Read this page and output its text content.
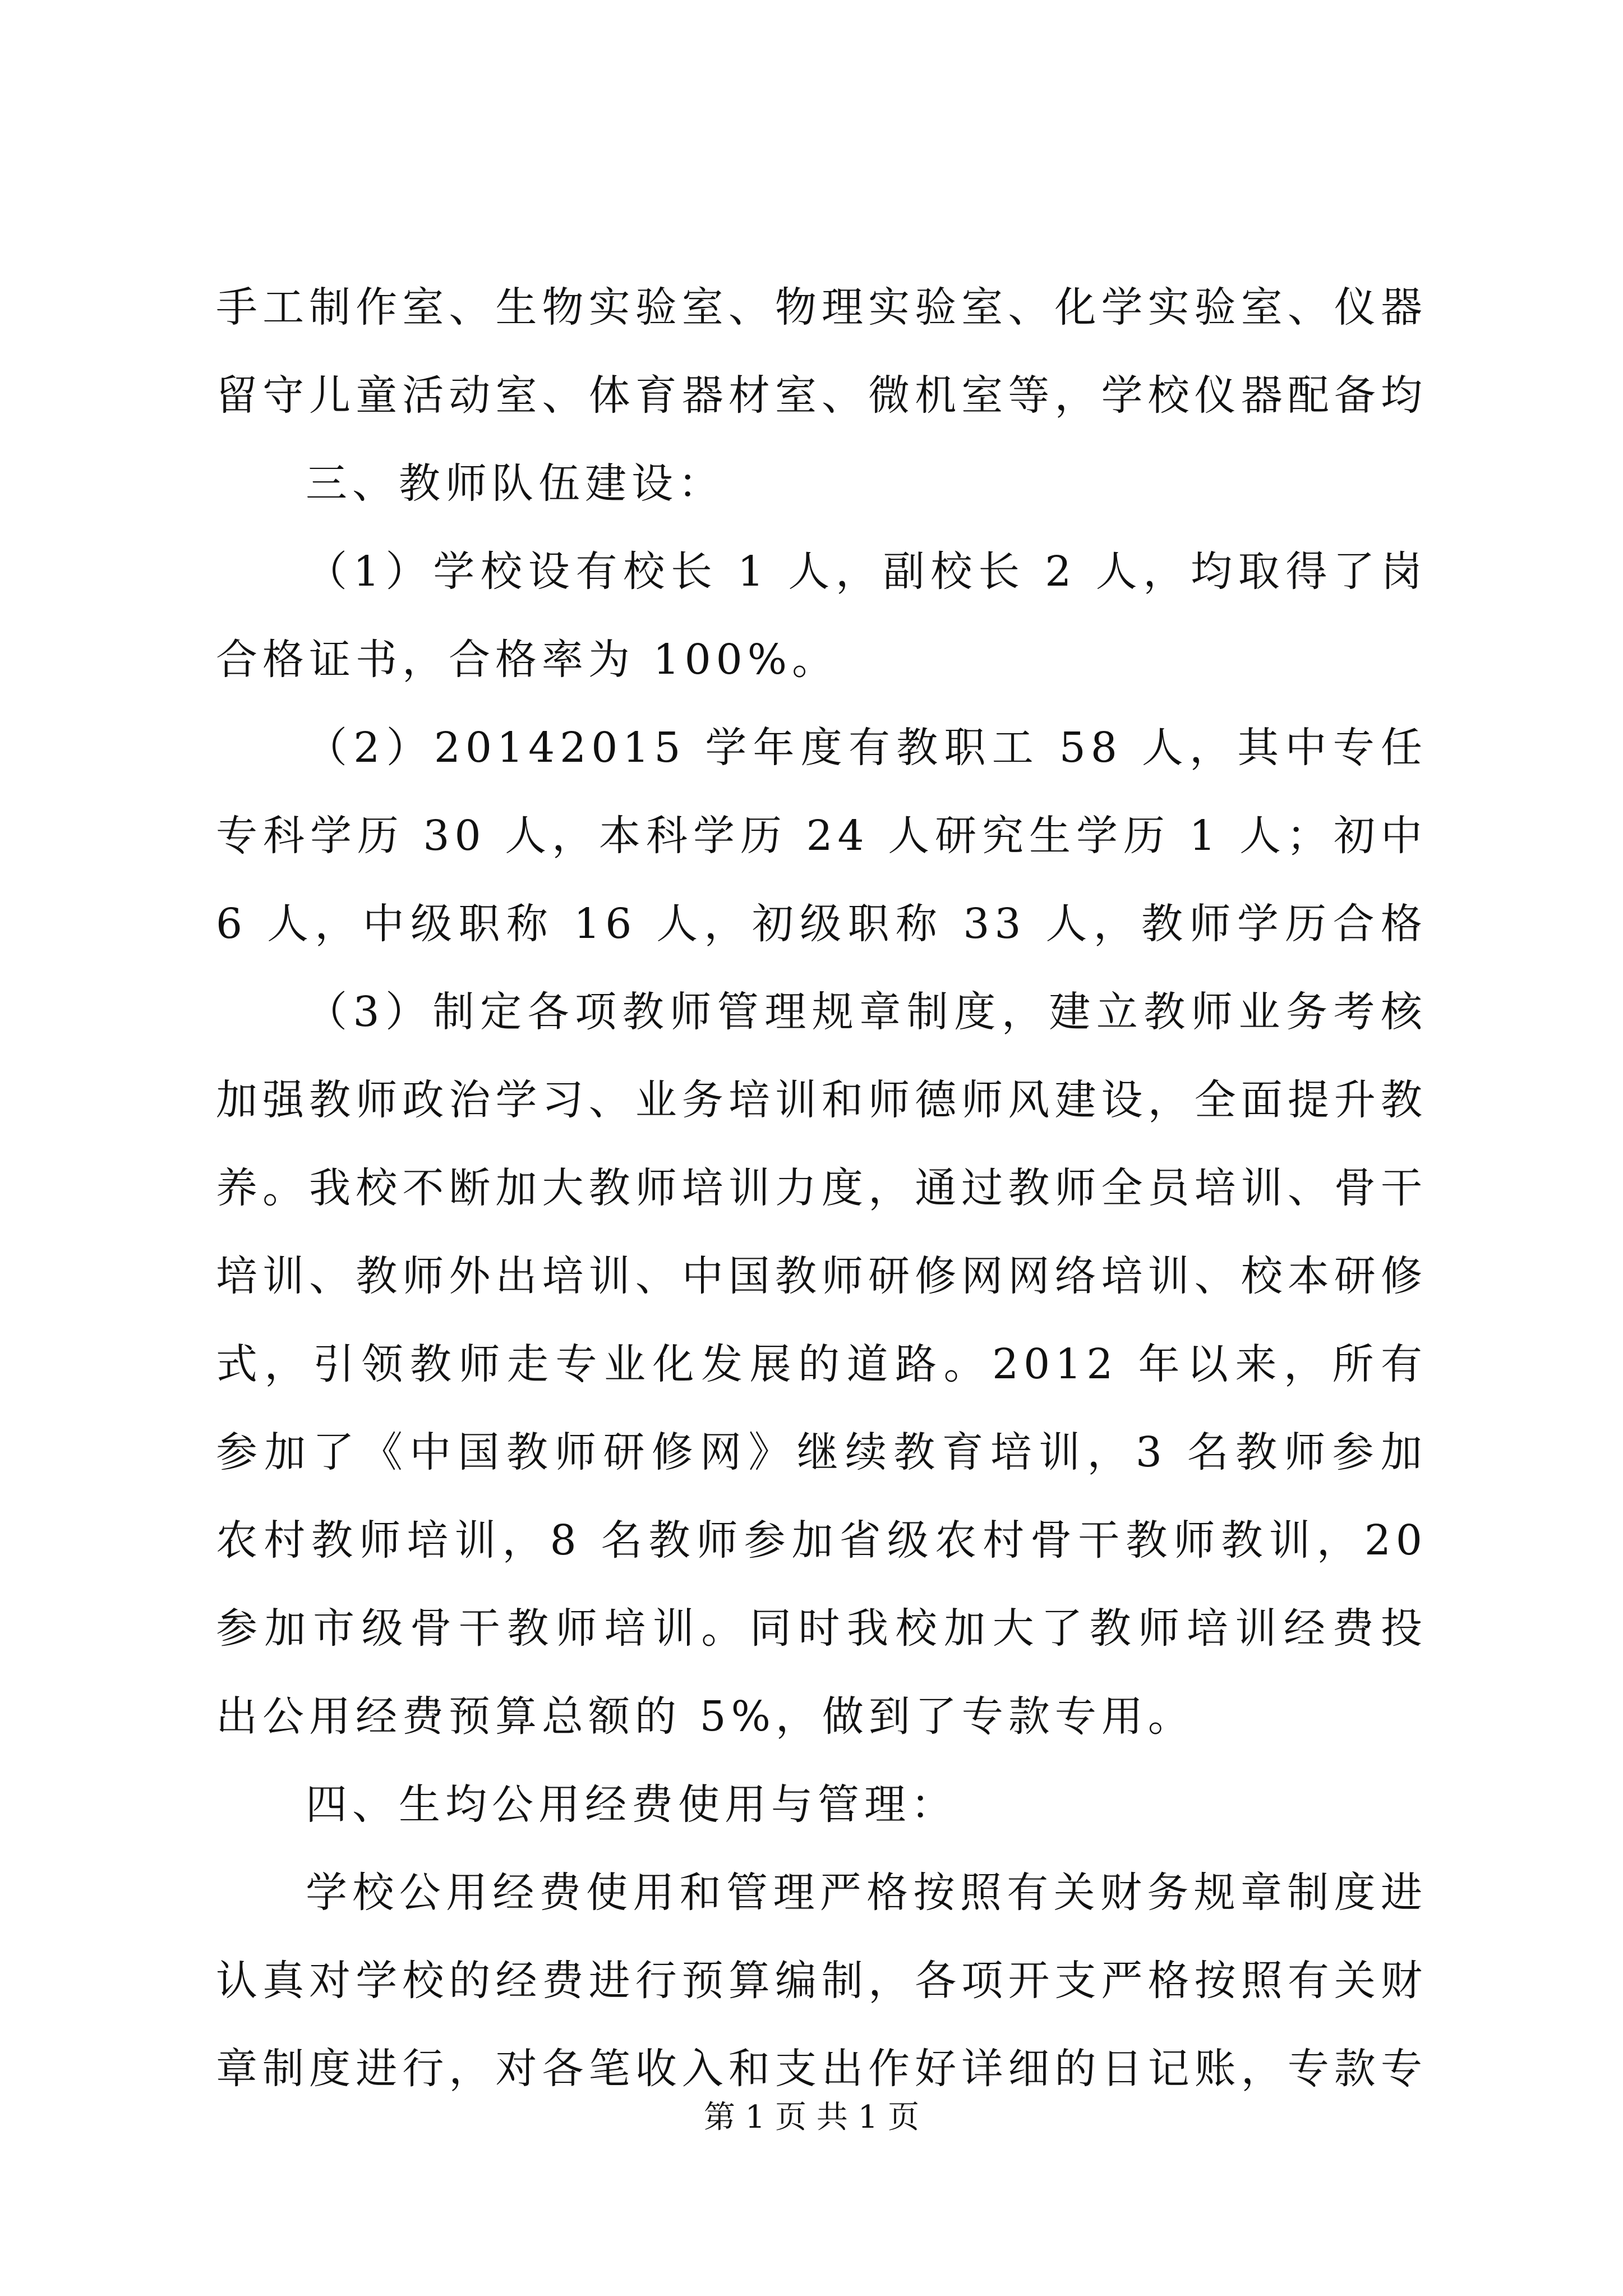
手工制作室、生物实验室、物理实验室、化学实验室、仪器
留守儿童活动室、体育器材室、微机室等，学校仪器配备均
三、教师队伍建设：
（1）学校设有校长 1 人，副校长 2 人，均取得了岗
合格证书，合格率为 100%。
（2）20142015 学年度有教职工 58 人，其中专任
专科学历 30 人，本科学历 24 人研究生学历 1 人；初中
6 人，中级职称 16 人，初级职称 33 人，教师学历合格
（3）制定各项教师管理规章制度，建立教师业务考核
加强教师政治学习、业务培训和师德师风建设，全面提升教
养。我校不断加大教师培训力度，通过教师全员培训、骨干
培训、教师外出培训、中国教师研修网网络培训、校本研修
式，引领教师走专业化发展的道路。2012 年以来，所有
参加了《中国教师研修网》继续教育培训，3 名教师参加
农村教师培训，8 名教师参加省级农村骨干教师教训，20
参加市级骨干教师培训。同时我校加大了教师培训经费投
出公用经费预算总额的 5%，做到了专款专用。
四、生均公用经费使用与管理：
学校公用经费使用和管理严格按照有关财务规章制度进
认真对学校的经费进行预算编制，各项开支严格按照有关财
章制度进行，对各笔收入和支出作好详细的日记账，专款专
第 1 页 共 1 页
